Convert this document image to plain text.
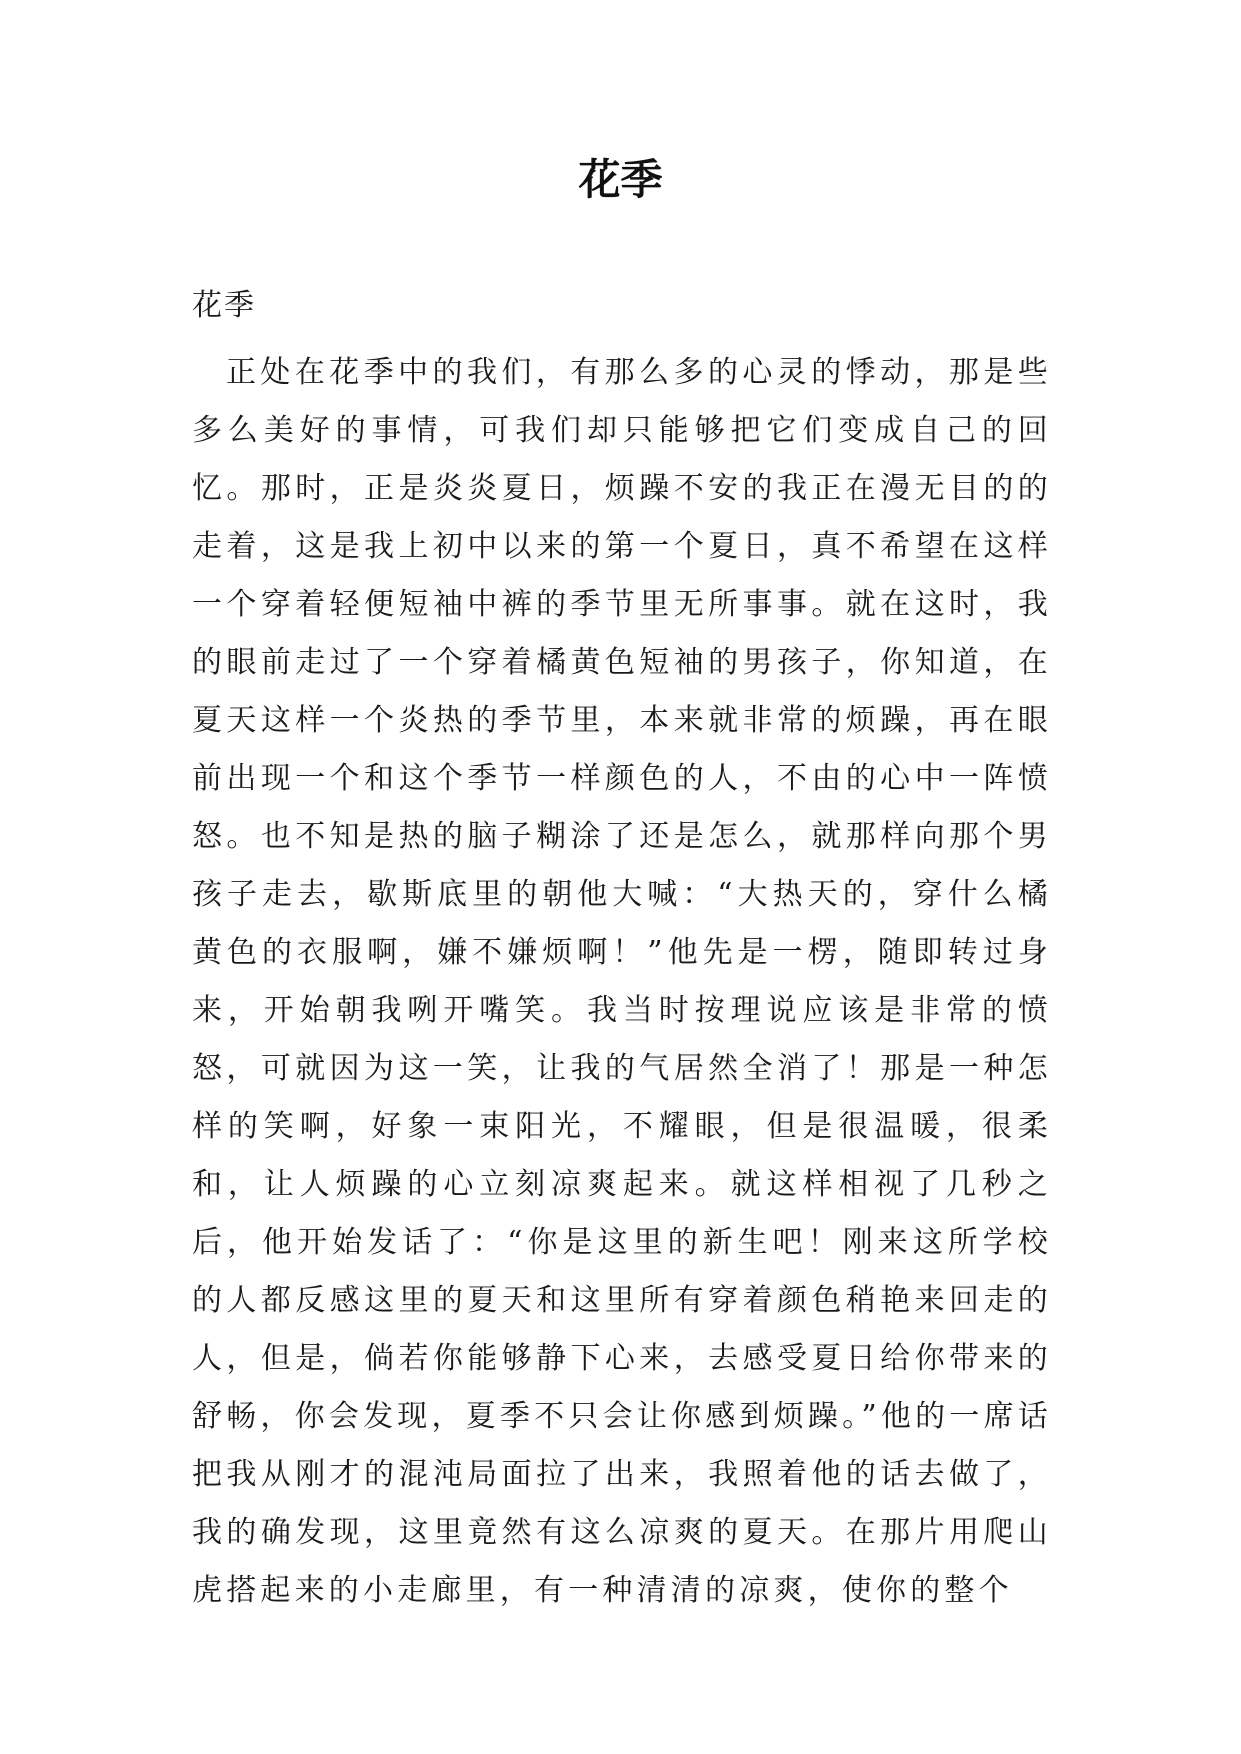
花季

花季

正处在花季中的我们，有那么多的心灵的悸动，那是些多么美好的事情，可我们却只能够把它们变成自己的回忆。那时，正是炎炎夏日，烦躁不安的我正在漫无目的的走着，这是我上初中以来的第一个夏日，真不希望在这样一个穿着轻便短袖中裤的季节里无所事事。就在这时，我的眼前走过了一个穿着橘黄色短袖的男孩子，你知道，在夏天这样一个炎热的季节里，本来就非常的烦躁，再在眼前出现一个和这个季节一样颜色的人，不由的心中一阵愤怒。也不知是热的脑子糊涂了还是怎么，就那样向那个男孩子走去，歇斯底里的朝他大喊：“大热天的，穿什么橘黄色的衣服啊，嫌不嫌烦啊！”他先是一楞，随即转过身来，开始朝我咧开嘴笑。我当时按理说应该是非常的愤怒，可就因为这一笑，让我的气居然全消了！那是一种怎样的笑啊，好象一束阳光，不耀眼，但是很温暖，很柔和，让人烦躁的心立刻凉爽起来。就这样相视了几秒之后，他开始发话了：“你是这里的新生吧！刚来这所学校的人都反感这里的夏天和这里所有穿着颜色稍艳来回走的人，但是，倘若你能够静下心来，去感受夏日给你带来的舒畅，你会发现，夏季不只会让你感到烦躁。”他的一席话把我从刚才的混沌局面拉了出来，我照着他的话去做了，我的确发现，这里竟然有这么凉爽的夏天。在那片用爬山虎搭起来的小走廊里，有一种清清的凉爽，使你的整个
